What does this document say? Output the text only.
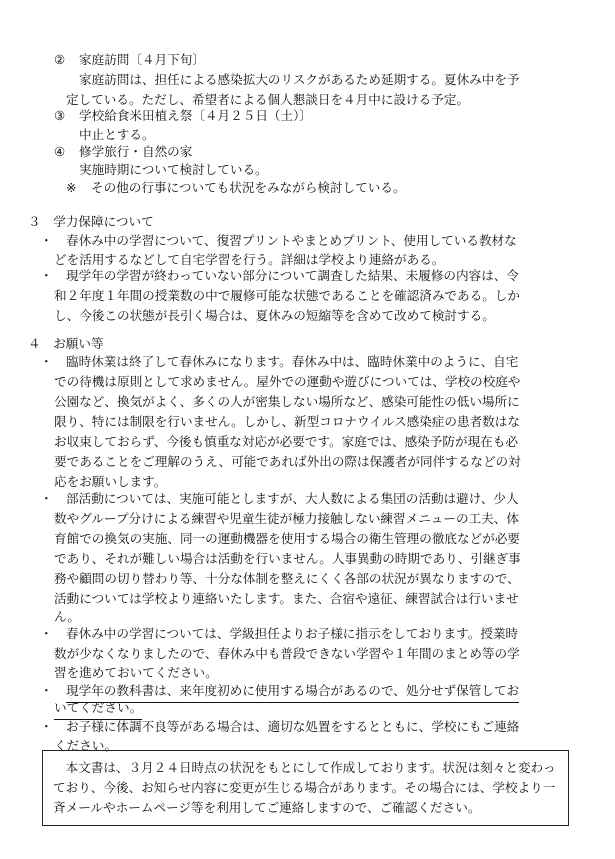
② 家庭訪問〔４月下旬〕
家庭訪問は、担任による感染拡大のリスクがあるため延期する。夏休み中を予
定している。ただし、希望者による個人懇談日を４月中に設ける予定。
③ 学校給食米田植え祭〔４月２５日（土）〕
中止とする。
④ 修学旅行・自然の家
実施時期について検討している。
※ その他の行事についても状況をみながら検討している。
３　学力保障について
・ 春休み中の学習について、復習プリントやまとめプリント、使用している教材な
どを活用するなどして自宅学習を行う。詳細は学校より連絡がある。
・ 現学年の学習が終わっていない部分について調査した結果、未履修の内容は、令
和２年度１年間の授業数の中で履修可能な状態であることを確認済みである。しか
し、今後この状態が長引く場合は、夏休みの短縮等を含めて改めて検討する。
４　お願い等
・ 臨時休業は終了して春休みになります。春休み中は、臨時休業中のように、自宅
での待機は原則として求めません。屋外での運動や遊びについては、学校の校庭や
公園など、換気がよく、多くの人が密集しない場所など、感染可能性の低い場所に
限り、特には制限を行いません。しかし、新型コロナウイルス感染症の患者数はな
お収束しておらず、今後も慎重な対応が必要です。家庭では、感染予防が現在も必
要であることをご理解のうえ、可能であれば外出の際は保護者が同伴するなどの対
応をお願いします。
・ 部活動については、実施可能としますが、大人数による集団の活動は避け、少人
数やグループ分けによる練習や児童生徒が極力接触しない練習メニューの工夫、体
育館での換気の実施、同一の運動機器を使用する場合の衛生管理の徹底などが必要
であり、それが難しい場合は活動を行いません。人事異動の時期であり、引継ぎ事
務や顧問の切り替わり等、十分な体制を整えにくく各部の状況が異なりますので、
活動については学校より連絡いたします。また、合宿や遠征、練習試合は行いませ
ん。
・ 春休み中の学習については、学級担任よりお子様に指示をしております。授業時
数が少なくなりましたので、春休み中も普段できない学習や１年間のまとめ等の学
習を進めておいてください。
・ 現学年の教科書は、来年度初めに使用する場合があるので、処分せず保管してお
いてください。
・ お子様に体調不良等がある場合は、適切な処置をするとともに、学校にもご連絡
ください。
　本文書は、３月２４日時点の状況をもとにして作成しております。状況は刻々と変わっ
ており、今後、お知らせ内容に変更が生じる場合があります。その場合には、学校より一
斉メールやホームページ等を利用してご連絡しますので、ご確認ください。
